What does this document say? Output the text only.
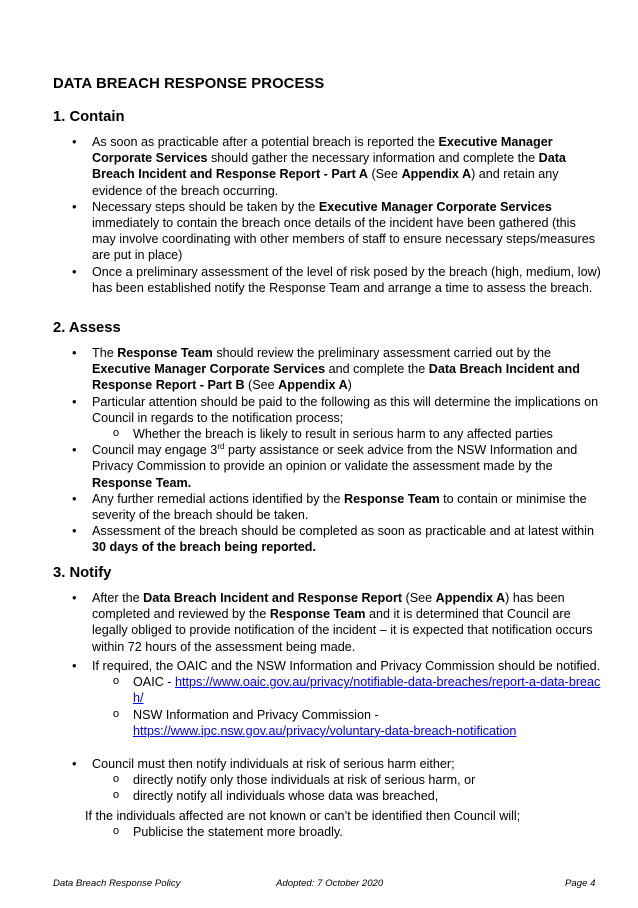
DATA BREACH RESPONSE PROCESS
1. Contain
• As soon as practicable after a potential breach is reported the Executive Manager Corporate Services should gather the necessary information and complete the Data Breach Incident and Response Report - Part A (See Appendix A) and retain any evidence of the breach occurring.
• Necessary steps should be taken by the Executive Manager Corporate Services immediately to contain the breach once details of the incident have been gathered (this may involve coordinating with other members of staff to ensure necessary steps/measures are put in place)
• Once a preliminary assessment of the level of risk posed by the breach (high, medium, low) has been established notify the Response Team and arrange a time to assess the breach.
2. Assess
• The Response Team should review the preliminary assessment carried out by the Executive Manager Corporate Services and complete the Data Breach Incident and Response Report - Part B (See Appendix A)
• Particular attention should be paid to the following as this will determine the implications on Council in regards to the notification process;
o Whether the breach is likely to result in serious harm to any affected parties
• Council may engage 3rd party assistance or seek advice from the NSW Information and Privacy Commission to provide an opinion or validate the assessment made by the Response Team.
• Any further remedial actions identified by the Response Team to contain or minimise the severity of the breach should be taken.
• Assessment of the breach should be completed as soon as practicable and at latest within 30 days of the breach being reported.
3. Notify
• After the Data Breach Incident and Response Report (See Appendix A) has been completed and reviewed by the Response Team and it is determined that Council are legally obliged to provide notification of the incident – it is expected that notification occurs within 72 hours of the assessment being made.
• If required, the OAIC and the NSW Information and Privacy Commission should be notified.
o OAIC - https://www.oaic.gov.au/privacy/notifiable-data-breaches/report-a-data-breach/
o NSW Information and Privacy Commission -
https://www.ipc.nsw.gov.au/privacy/voluntary-data-breach-notification
• Council must then notify individuals at risk of serious harm either;
o directly notify only those individuals at risk of serious harm, or
o directly notify all individuals whose data was breached,
If the individuals affected are not known or can’t be identified then Council will;
o Publicise the statement more broadly.
Data Breach Response Policy	Adopted: 7 October 2020	Page 4
